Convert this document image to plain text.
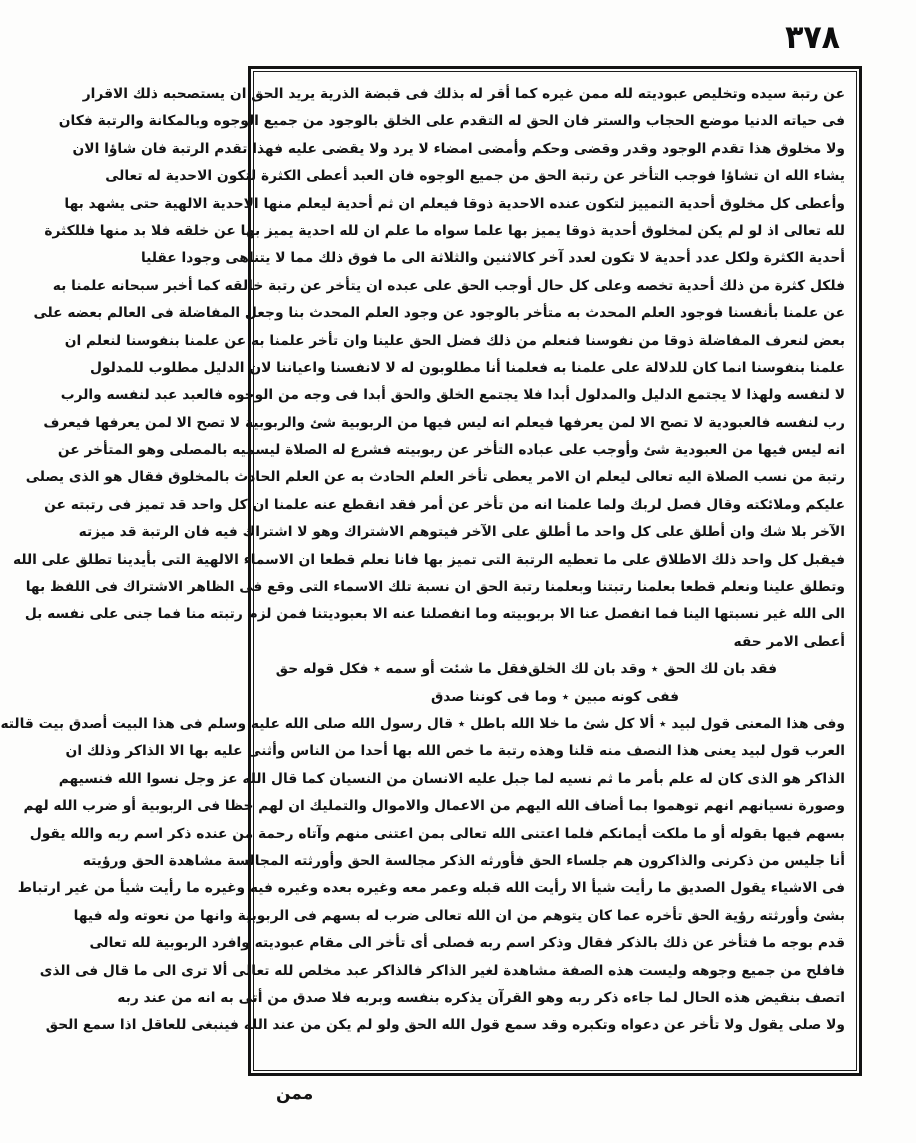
٣٧٨
عن رتبة سيده وتخليص عبوديته لله ممن غيره كما أقر له بذلك فى قبضة الذرية يريد الحق ان يستصحبه ذلك الاقرار
فى حياته الدنيا موضع الحجاب والستر فان الحق له التقدم على الخلق بالوجود من جميع الوجوه وبالمكانة والرتبة فكان
ولا مخلوق هذا تقدم الوجود وقدر وقضى وحكم وأمضى امضاء لا يرد ولا يقضى عليه فهذا تقدم الرتبة فان شاؤا الان
يشاء الله ان تشاؤا فوجب التأخر عن رتبة الحق من جميع الوجوه فان العبد أعطى الكثرة لتكون الاحدية له تعالى
وأعطى كل مخلوق أحدية التمييز لتكون عنده الاحدية ذوقا فيعلم ان ثم أحدية ليعلم منها الاحدية الالهية حتى يشهد بها
لله تعالى اذ لو لم يكن لمخلوق أحدية ذوقا يميز بها علما سواه ما علم ان لله احدية يميز بها عن خلقه فلا بد منها فللكثرة
أحدية الكثرة ولكل عدد أحدية لا تكون لعدد آخر كالاثنين والثلاثة الى ما فوق ذلك مما لا يتناهى وجودا عقليا
فلكل كثرة من ذلك أحدية تخصه وعلى كل حال أوجب الحق على عبده ان يتأخر عن رتبة خالقه كما أخبر سبحانه علمنا به
عن علمنا بأنفسنا فوجود العلم المحدث به متأخر بالوجود عن وجود العلم المحدث بنا وجعل المفاضلة فى العالم بعضه على
بعض لنعرف المفاضلة ذوقا من نفوسنا فنعلم من ذلك فضل الحق علينا وان تأخر علمنا به عن علمنا بنفوسنا لنعلم ان
علمنا بنفوسنا انما كان للدلالة على علمنا به فعلمنا أنا مطلوبون له لا لانفسنا واعياننا لان الدليل مطلوب للمدلول
لا لنفسه ولهذا لا يجتمع الدليل والمدلول أبدا فلا يجتمع الخلق والحق أبدا فى وجه من الوجوه فالعبد عبد لنفسه والرب
رب لنفسه فالعبودية لا تصح الا لمن يعرفها فيعلم انه ليس فيها من الربوبية شئ والربوبية لا تصح الا لمن يعرفها فيعرف
انه ليس فيها من العبودية شئ وأوجب على عباده التأخر عن ربوبيته فشرع له الصلاة ليسميه بالمصلى وهو المتأخر عن
رتبة من نسب الصلاة اليه تعالى ليعلم ان الامر يعطى تأخر العلم الحادث به عن العلم الحادث بالمخلوق فقال هو الذى يصلى
عليكم وملائكته وقال فصل لربك ولما علمنا انه من تأخر عن أمر فقد انقطع عنه علمنا ان كل واحد قد تميز فى رتبته عن
الآخر بلا شك وان أطلق على كل واحد ما أطلق على الآخر فيتوهم الاشتراك وهو لا اشتراك فيه فان الرتبة قد ميزته
فيقبل كل واحد ذلك الاطلاق على ما تعطيه الرتبة التى تميز بها فانا نعلم قطعا ان الاسماء الالهية التى بأيدينا تطلق على الله
وتطلق علينا ونعلم قطعا بعلمنا رتبتنا وبعلمنا رتبة الحق ان نسبة تلك الاسماء التى وقع فى الظاهر الاشتراك فى اللفظ بها
الى الله غير نسبتها الينا فما انفصل عنا الا بربوبيته وما انفصلنا عنه الا بعبوديتنا فمن لزم رتبته منا فما جنى على نفسه بل
أعطى الامر حقه
فقد بان لك الحق ٭ وقد بان لك الخلق
فقل ما شئت أو سمه ٭ فكل قوله حق
ففى كونه مبين ٭ وما فى كوننا صدق
وفى هذا المعنى قول لبيد ٭ ألا كل شئ ما خلا الله باطل ٭ قال رسول الله صلى الله عليه وسلم فى هذا البيت أصدق بيت قالته
العرب قول لبيد يعنى هذا النصف منه قلنا وهذه رتبة ما خص الله بها أحدا من الناس وأثنى عليه بها الا الذاكر وذلك ان
الذاكر هو الذى كان له علم بأمر ما ثم نسيه لما جبل عليه الانسان من النسيان كما قال الله عز وجل نسوا الله فنسيهم
وصورة نسيانهم انهم توهموا بما أضاف الله اليهم من الاعمال والاموال والتمليك ان لهم حظا فى الربوبية أو ضرب الله لهم
بسهم فيها بقوله أو ما ملكت أيمانكم فلما اعتنى الله تعالى بمن اعتنى منهم وآتاه رحمة من عنده ذكر اسم ربه والله يقول
أنا جليس من ذكرنى والذاكرون هم جلساء الحق فأورثه الذكر مجالسة الحق وأورثته المجالسة مشاهدة الحق ورؤيته
فى الاشياء يقول الصديق ما رأيت شيأ الا رأيت الله قبله وعمر معه وغيره بعده وغيره فيه وغيره ما رأيت شيأ من غير ارتباط
بشئ وأورثته رؤية الحق تأخره عما كان يتوهم من ان الله تعالى ضرب له بسهم فى الربوبية وانها من نعوته وله فيها
قدم بوجه ما فتأخر عن ذلك بالذكر فقال وذكر اسم ربه فصلى أى تأخر الى مقام عبوديته وافرد الربوبية لله تعالى
فافلح من جميع وجوهه وليست هذه الصفة مشاهدة لغير الذاكر فالذاكر عبد مخلص لله تعالى ألا ترى الى ما قال فى الذى
اتصف بنقيض هذه الحال لما جاءه ذكر ربه وهو القرآن يذكره بنفسه وبربه فلا صدق من أتى به انه من عند ربه
ولا صلى يقول ولا تأخر عن دعواه وتكبره وقد سمع قول الله الحق ولو لم يكن من عند الله فينبغى للعاقل اذا سمع الحق
ممن
